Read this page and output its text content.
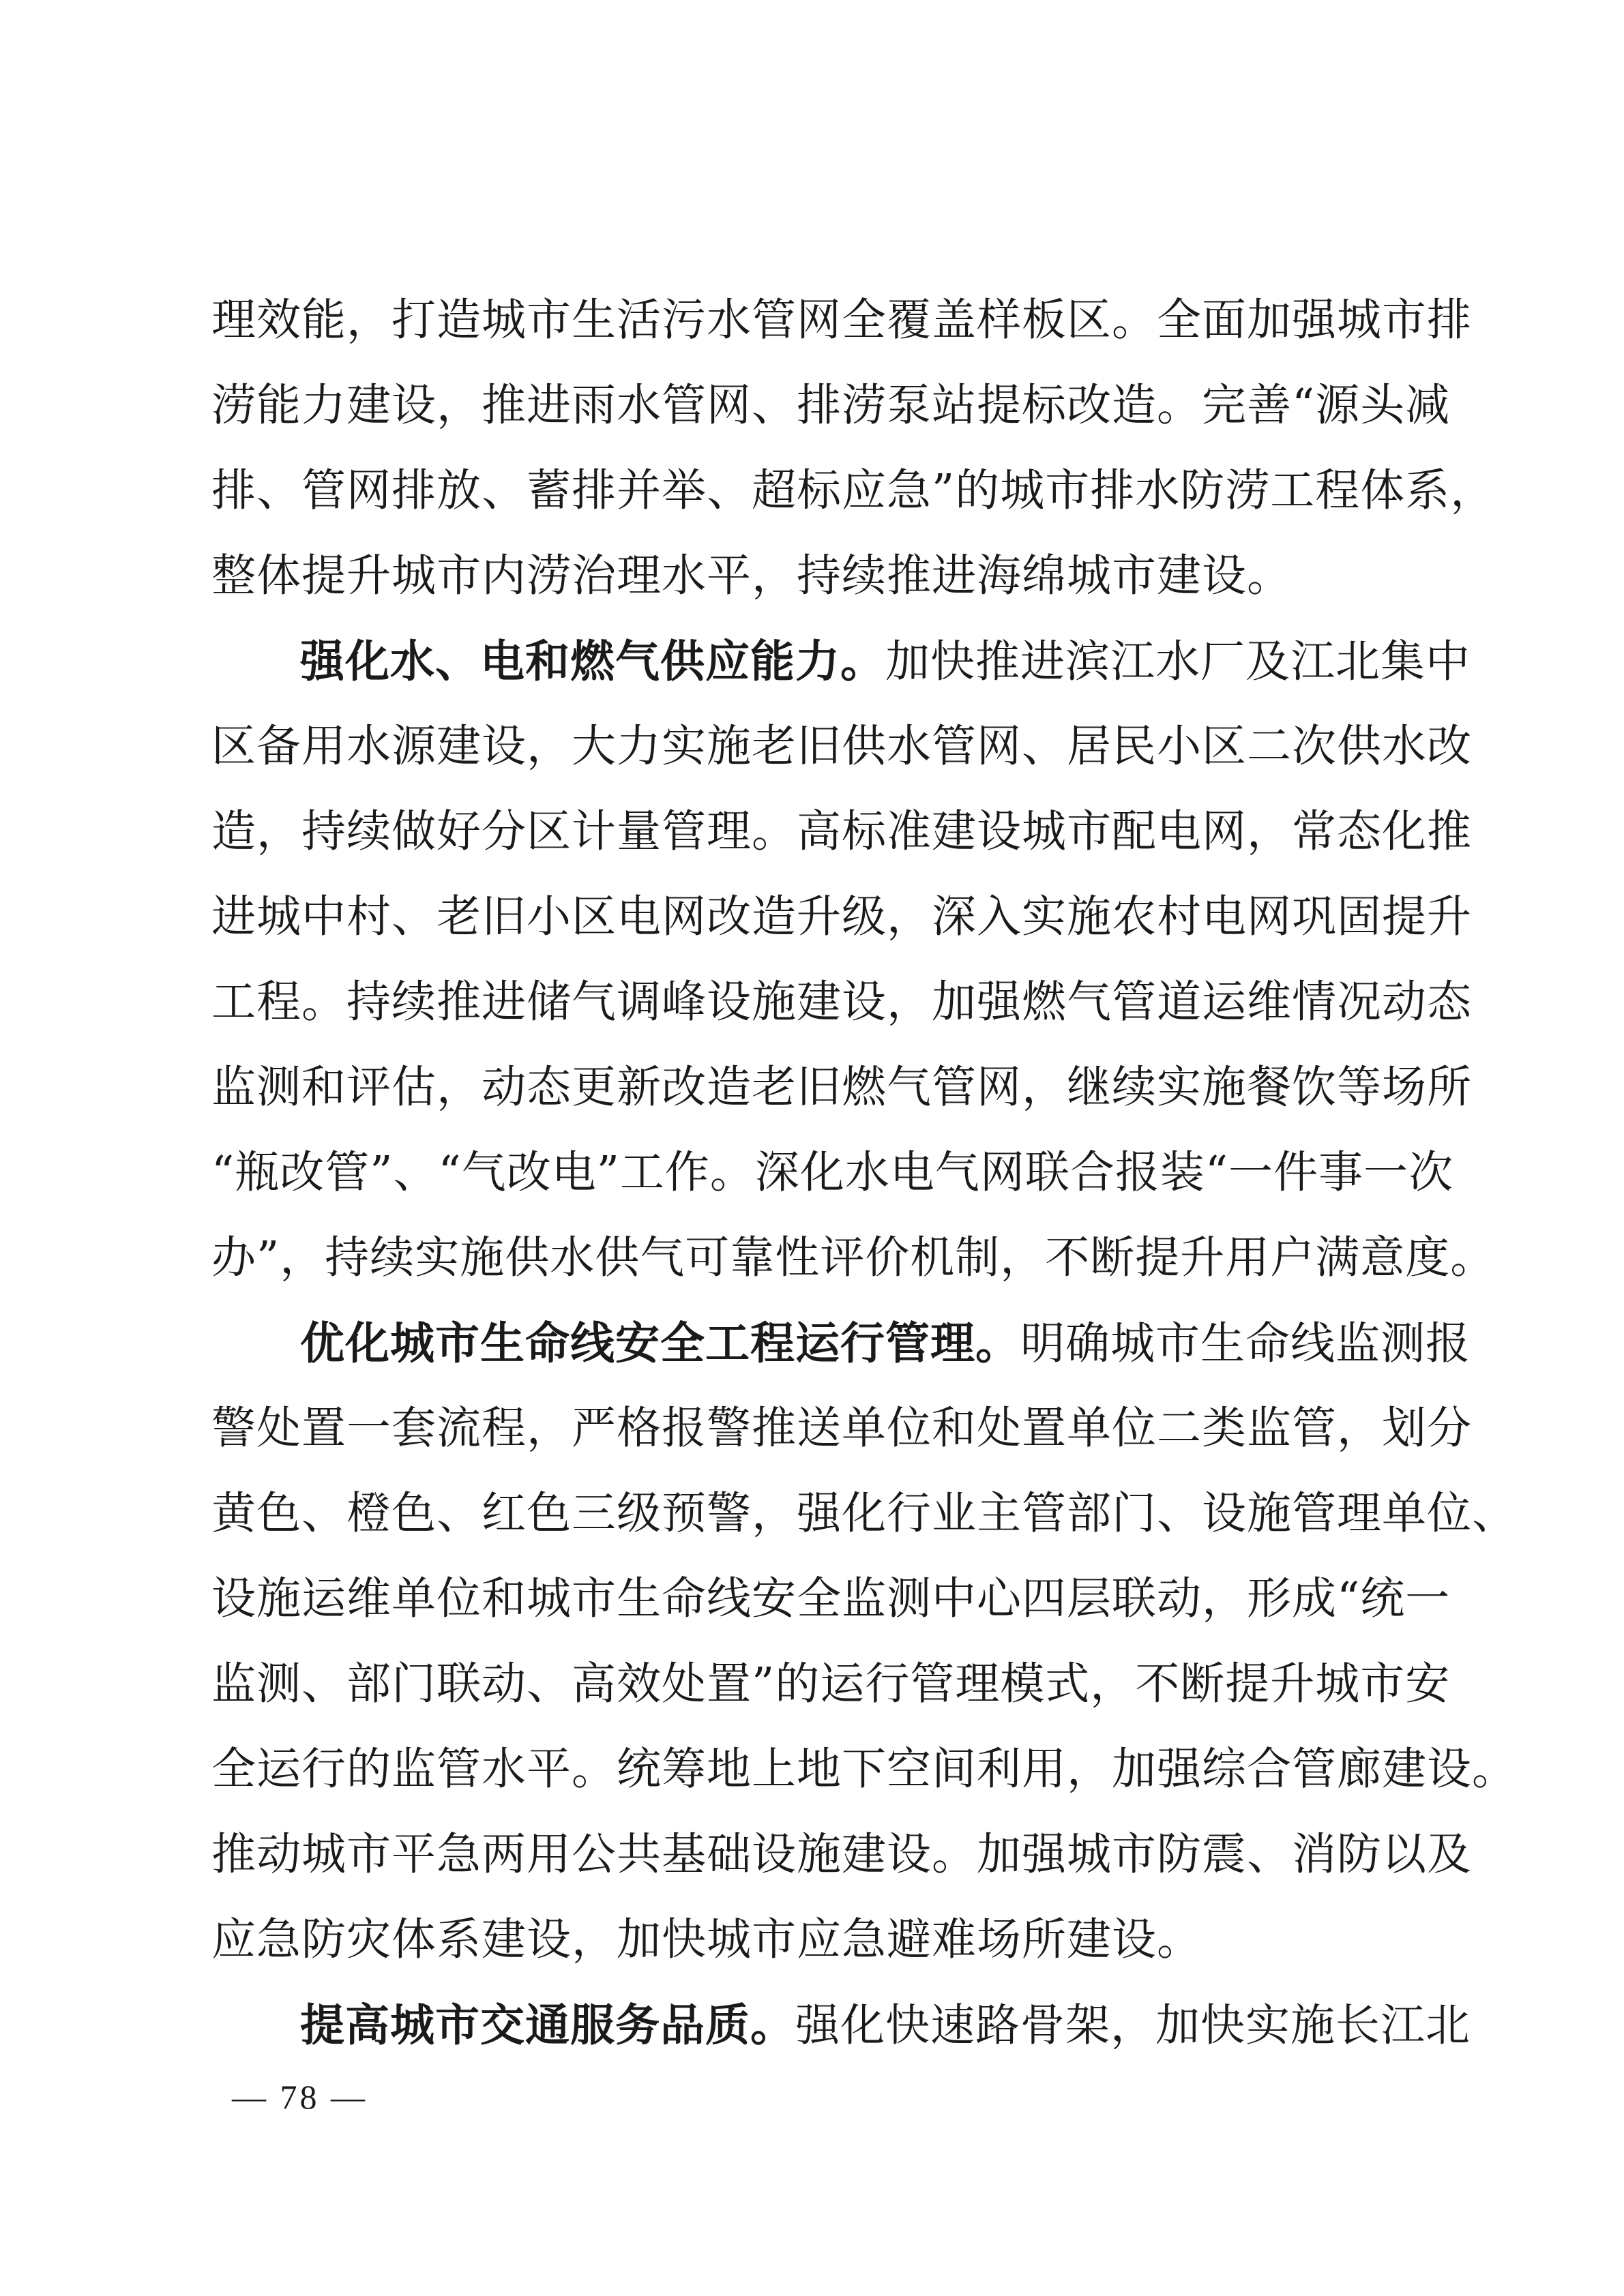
理效能，打造城市生活污水管网全覆盖样板区。全面加强城市排
涝能力建设，推进雨水管网、排涝泵站提标改造。完善“源头减
排、管网排放、蓄排并举、超标应急”的城市排水防涝工程体系，
整体提升城市内涝治理水平，持续推进海绵城市建设。
强化水、电和燃气供应能力。加快推进滨江水厂及江北集中
区备用水源建设，大力实施老旧供水管网、居民小区二次供水改
造，持续做好分区计量管理。高标准建设城市配电网，常态化推
进城中村、老旧小区电网改造升级，深入实施农村电网巩固提升
工程。持续推进储气调峰设施建设，加强燃气管道运维情况动态
监测和评估，动态更新改造老旧燃气管网，继续实施餐饮等场所
“瓶改管”、“气改电”工作。深化水电气网联合报装“一件事一次
办”，持续实施供水供气可靠性评价机制，不断提升用户满意度。
优化城市生命线安全工程运行管理。明确城市生命线监测报
警处置一套流程，严格报警推送单位和处置单位二类监管，划分
黄色、橙色、红色三级预警，强化行业主管部门、设施管理单位、
设施运维单位和城市生命线安全监测中心四层联动，形成“统一
监测、部门联动、高效处置”的运行管理模式，不断提升城市安
全运行的监管水平。统筹地上地下空间利用，加强综合管廊建设。
推动城市平急两用公共基础设施建设。加强城市防震、消防以及
应急防灾体系建设，加快城市应急避难场所建设。
提高城市交通服务品质。强化快速路骨架，加快实施长江北
— 78 —
